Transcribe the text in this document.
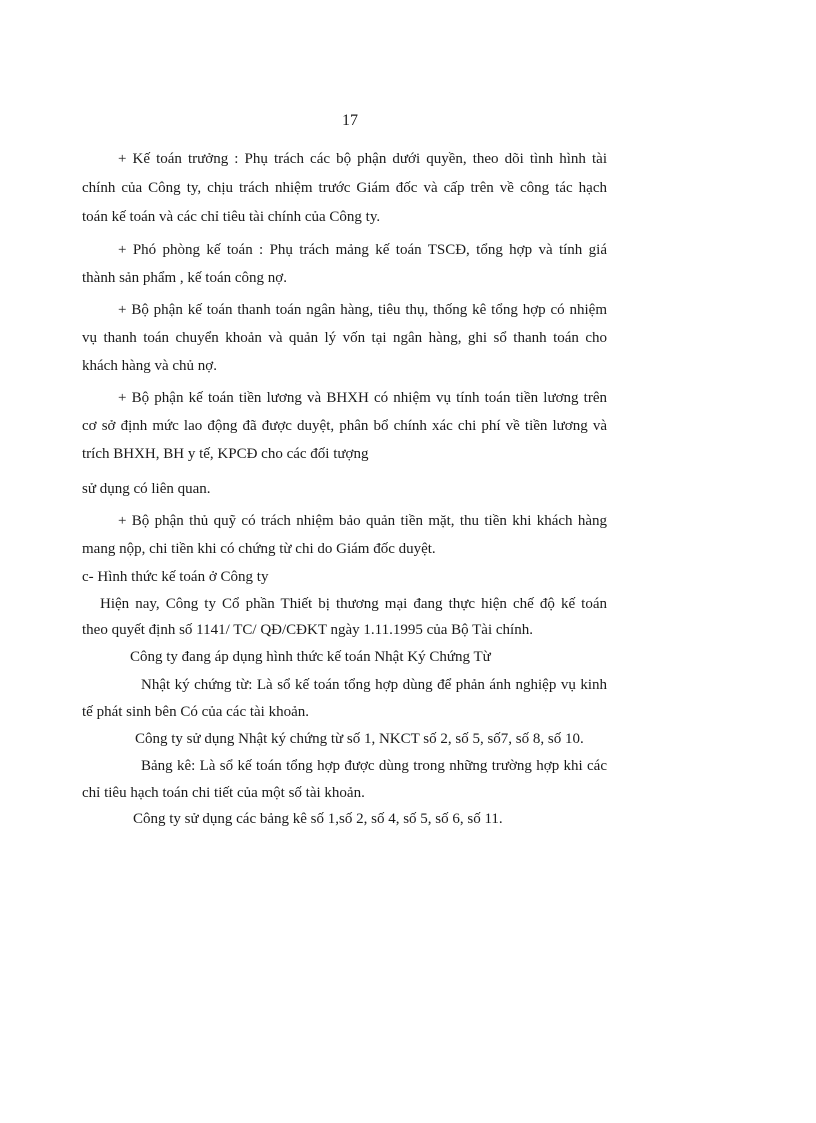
17
+ Kế toán trưởng : Phụ trách các bộ phận dưới quyền, theo dõi tình hình tài
chính của Công ty, chịu trách nhiệm trước Giám đốc và cấp trên về công tác hạch
toán kế toán và các chỉ tiêu tài chính của Công ty.
+ Phó phòng kế toán : Phụ trách mảng kế toán TSCĐ, tổng hợp và tính giá
thành sản phẩm , kế toán công nợ.
+ Bộ phận kế toán thanh toán ngân hàng, tiêu thụ, thống kê tổng hợp có nhiệm
vụ thanh toán chuyển khoản và quản lý vốn tại ngân hàng, ghi sổ thanh toán cho
khách hàng và chủ nợ.
+ Bộ phận kế toán tiền lương và BHXH có nhiệm vụ tính toán tiền lương trên
cơ sở định mức lao động đã được duyệt, phân bổ chính xác chi phí về tiền lương và
trích BHXH, BH y tế, KPCĐ cho các đối tượng
sử dụng có liên quan.
+ Bộ phận thủ quỹ có trách nhiệm bảo quản tiền mặt, thu tiền khi khách hàng
mang nộp, chi tiền khi có chứng từ chi do Giám đốc duyệt.
c- Hình thức kế toán ở Công ty
Hiện nay, Công ty Cổ phần Thiết bị thương mại đang thực hiện chế độ kế toán
theo quyết định số 1141/ TC/ QĐ/CĐKT ngày 1.11.1995 của Bộ Tài chính.
Công ty đang áp dụng hình thức kế toán Nhật Ký Chứng Từ
Nhật ký chứng từ: Là sổ kế toán tổng hợp dùng để phản ánh nghiệp vụ kinh
tế phát sinh bên Có của các tài khoản.
Công ty sử dụng Nhật ký chứng từ số 1, NKCT số 2, số 5, số7, số 8, số 10.
Bảng kê: Là sổ kế toán tổng hợp được dùng trong những trường hợp khi các
chỉ tiêu hạch toán chi tiết của một số tài khoản.
Công ty sử dụng các bảng kê số 1,số 2, số 4, số 5, số 6, số 11.
